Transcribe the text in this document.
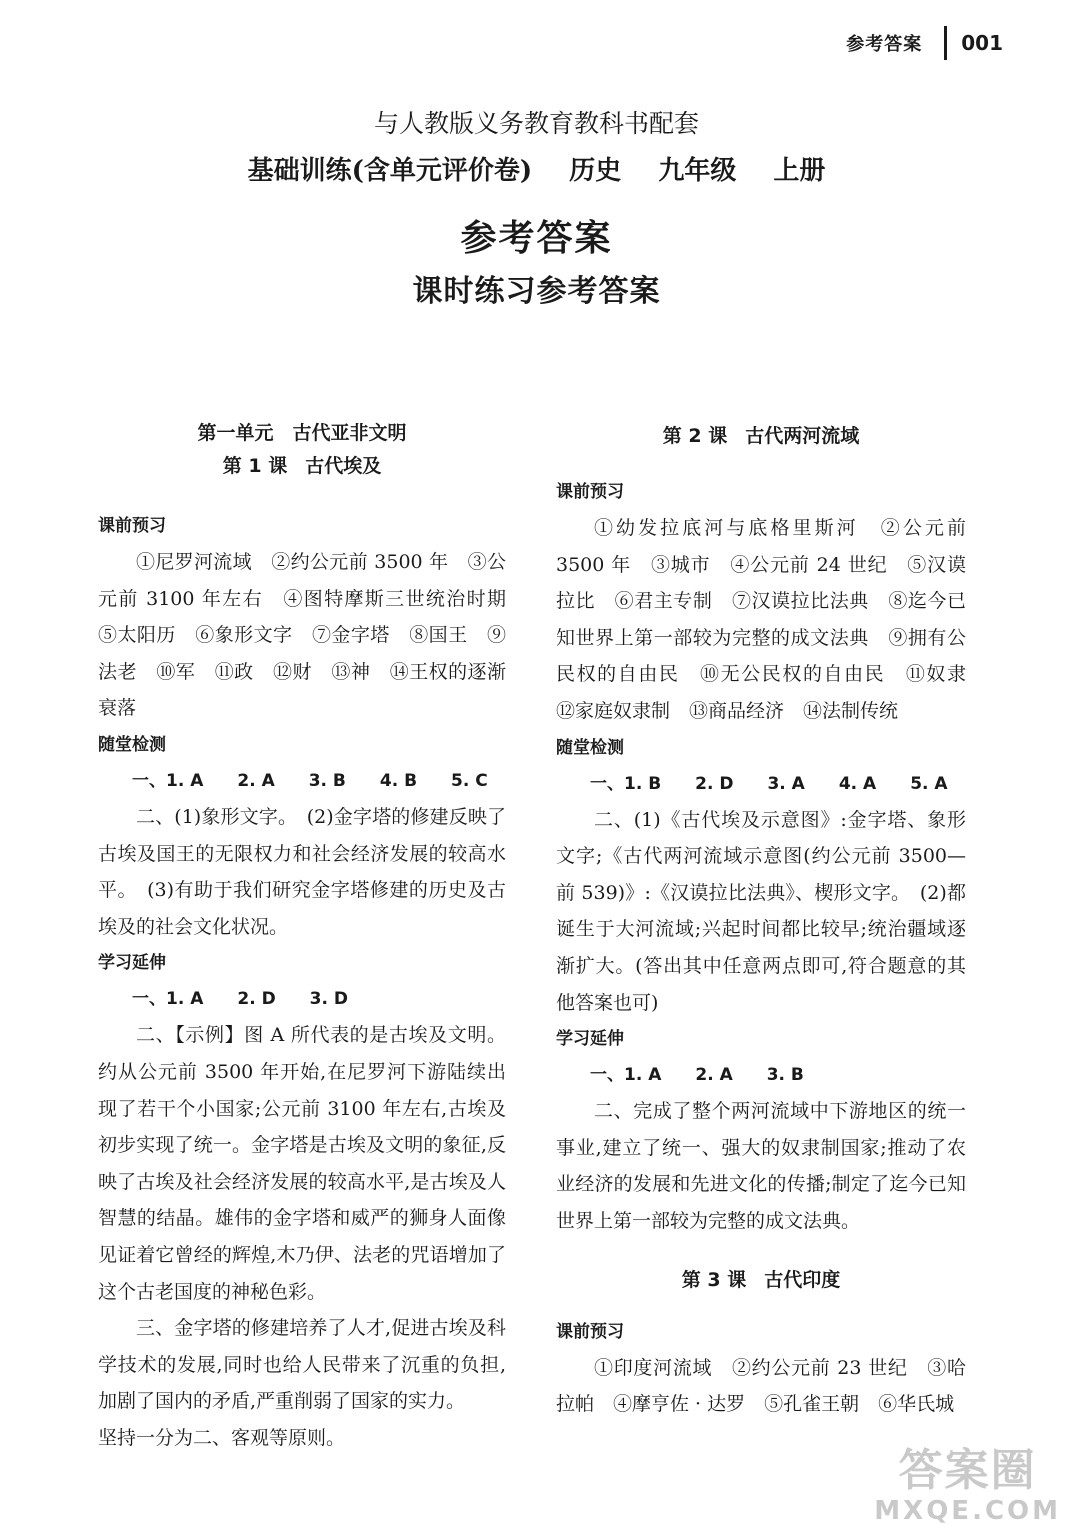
参考答案 001
与人教版义务教育教科书配套
基础训练(含单元评价卷) 历史 九年级 上册
参考答案
课时练习参考答案

第一单元　古代亚非文明

第 1 课 古代埃及

课前预习

①尼罗河流域　②约公元前 3500 年　③公元前 3100 年左右　④图特摩斯三世统治时期　⑤太阳历　⑥象形文字　⑦金字塔　⑧国王　⑨法老　⑩军　⑪政　⑫财　⑬神　⑭王权的逐渐衰落

随堂检测

一、1. A　　2. A　　3. B　　4. B　　5. C

二、(1)象形文字。　(2)金字塔的修建反映了古埃及国王的无限权力和社会经济发展的较高水平。　(3)有助于我们研究金字塔修建的历史及古埃及的社会文化状况。

学习延伸

一、1. A　　2. D　　3. D

二、【示例】图 A 所代表的是古埃及文明。约从公元前 3500 年开始,在尼罗河下游陆续出现了若干个小国家;公元前 3100 年左右,古埃及初步实现了统一。金字塔是古埃及文明的象征,反映了古埃及社会经济发展的较高水平,是古埃及人智慧的结晶。雄伟的金字塔和威严的狮身人面像见证着它曾经的辉煌,木乃伊、法老的咒语增加了这个古老国度的神秘色彩。

三、金字塔的修建培养了人才,促进古埃及科学技术的发展,同时也给人民带来了沉重的负担,加剧了国内的矛盾,严重削弱了国家的实力。

坚持一分为二、客观等原则。

第 2 课 古代两河流域

课前预习

①幼发拉底河与底格里斯河　②公元前 3500 年　③城市　④公元前 24 世纪　⑤汉谟拉比　⑥君主专制　⑦汉谟拉比法典　⑧迄今已知世界上第一部较为完整的成文法典　⑨拥有公民权的自由民　⑩无公民权的自由民　⑪奴隶　⑫家庭奴隶制　⑬商品经济　⑭法制传统

随堂检测

一、1. B　　2. D　　3. A　　4. A　　5. A

二、(1)《古代埃及示意图》:金字塔、象形文字;《古代两河流域示意图(约公元前 3500—前 539)》:《汉谟拉比法典》、楔形文字。　(2)都诞生于大河流域;兴起时间都比较早;统治疆域逐渐扩大。(答出其中任意两点即可,符合题意的其他答案也可)

学习延伸

一、1. A　　2. A　　3. B

二、完成了整个两河流域中下游地区的统一事业,建立了统一、强大的奴隶制国家;推动了农业经济的发展和先进文化的传播;制定了迄今已知世界上第一部较为完整的成文法典。

第 3 课 古代印度

课前预习

①印度河流域　②约公元前 23 世纪　③哈拉帕　④摩亨佐 · 达罗　⑤孔雀王朝　⑥华氏城

答案圈
MXQE.COM
